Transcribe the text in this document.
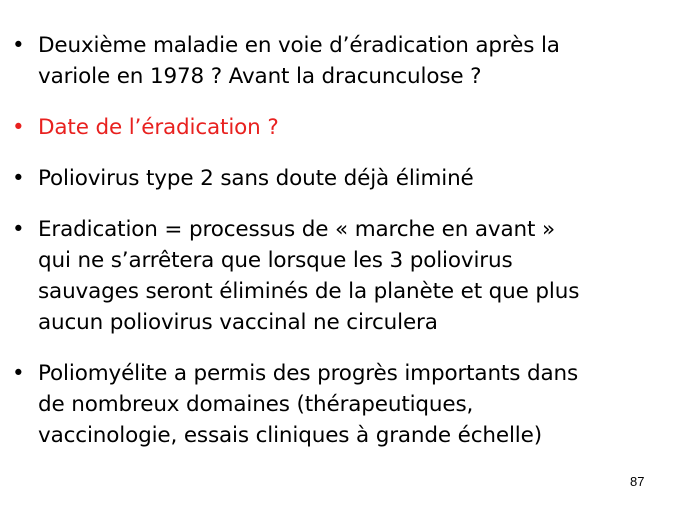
• Deuxième maladie en voie d’éradication après la
variole en 1978 ? Avant la dracunculose ?
• Date de l’éradication ?
• Poliovirus type 2 sans doute déjà éliminé
• Eradication = processus de « marche en avant »
qui ne s’arrêtera que lorsque les 3 poliovirus
sauvages seront éliminés de la planète et que plus
aucun poliovirus vaccinal ne circulera
• Poliomyélite a permis des progrès importants dans
de nombreux domaines (thérapeutiques,
vaccinologie, essais cliniques à grande échelle)
87
